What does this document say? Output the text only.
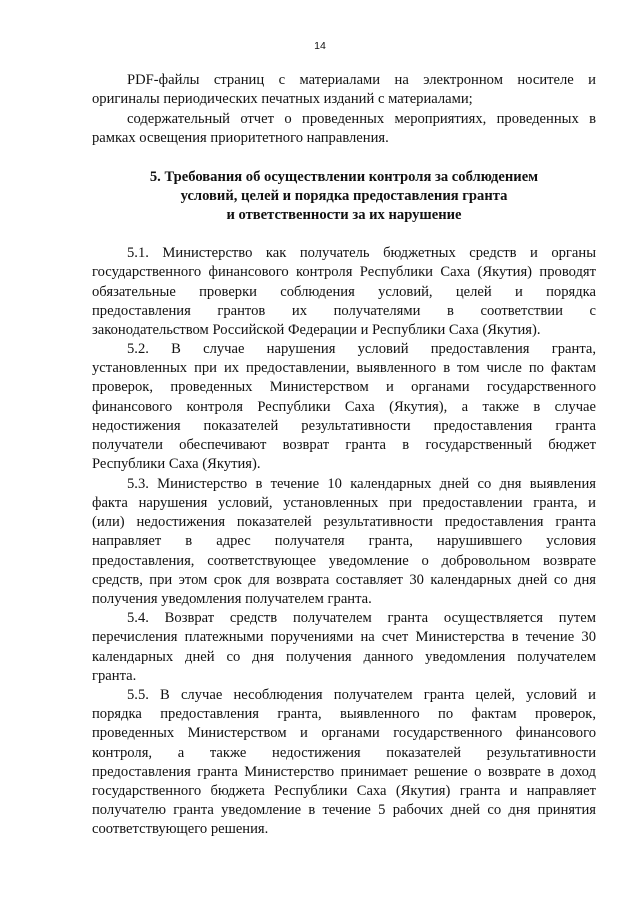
14
PDF-файлы страниц с материалами на электронном носителе и
оригиналы периодических печатных изданий с материалами;
содержательный отчет о проведенных мероприятиях, проведенных в
рамках освещения приоритетного направления.
5. Требования об осуществлении контроля за соблюдением
условий, целей и порядка предоставления гранта
и ответственности за их нарушение
5.1. Министерство как получатель бюджетных средств и органы
государственного финансового контроля Республики Саха (Якутия) проводят
обязательные проверки соблюдения условий, целей и порядка
предоставления грантов их получателями в соответствии с
законодательством Российской Федерации и Республики Саха (Якутия).
5.2. В случае нарушения условий предоставления гранта,
установленных при их предоставлении, выявленного в том числе по фактам
проверок, проведенных Министерством и органами государственного
финансового контроля Республики Саха (Якутия), а также в случае
недостижения показателей результативности предоставления гранта
получатели обеспечивают возврат гранта в государственный бюджет
Республики Саха (Якутия).
5.3. Министерство в течение 10 календарных дней со дня выявления
факта нарушения условий, установленных при предоставлении гранта, и
(или) недостижения показателей результативности предоставления гранта
направляет в адрес получателя гранта, нарушившего условия
предоставления, соответствующее уведомление о добровольном возврате
средств, при этом срок для возврата составляет 30 календарных дней со дня
получения уведомления получателем гранта.
5.4. Возврат средств получателем гранта осуществляется путем
перечисления платежными поручениями на счет Министерства в течение 30
календарных дней со дня получения данного уведомления получателем
гранта.
5.5. В случае несоблюдения получателем гранта целей, условий и
порядка предоставления гранта, выявленного по фактам проверок,
проведенных Министерством и органами государственного финансового
контроля, а также недостижения показателей результативности
предоставления гранта Министерство принимает решение о возврате в доход
государственного бюджета Республики Саха (Якутия) гранта и направляет
получателю гранта уведомление в течение 5 рабочих дней со дня принятия
соответствующего решения.
